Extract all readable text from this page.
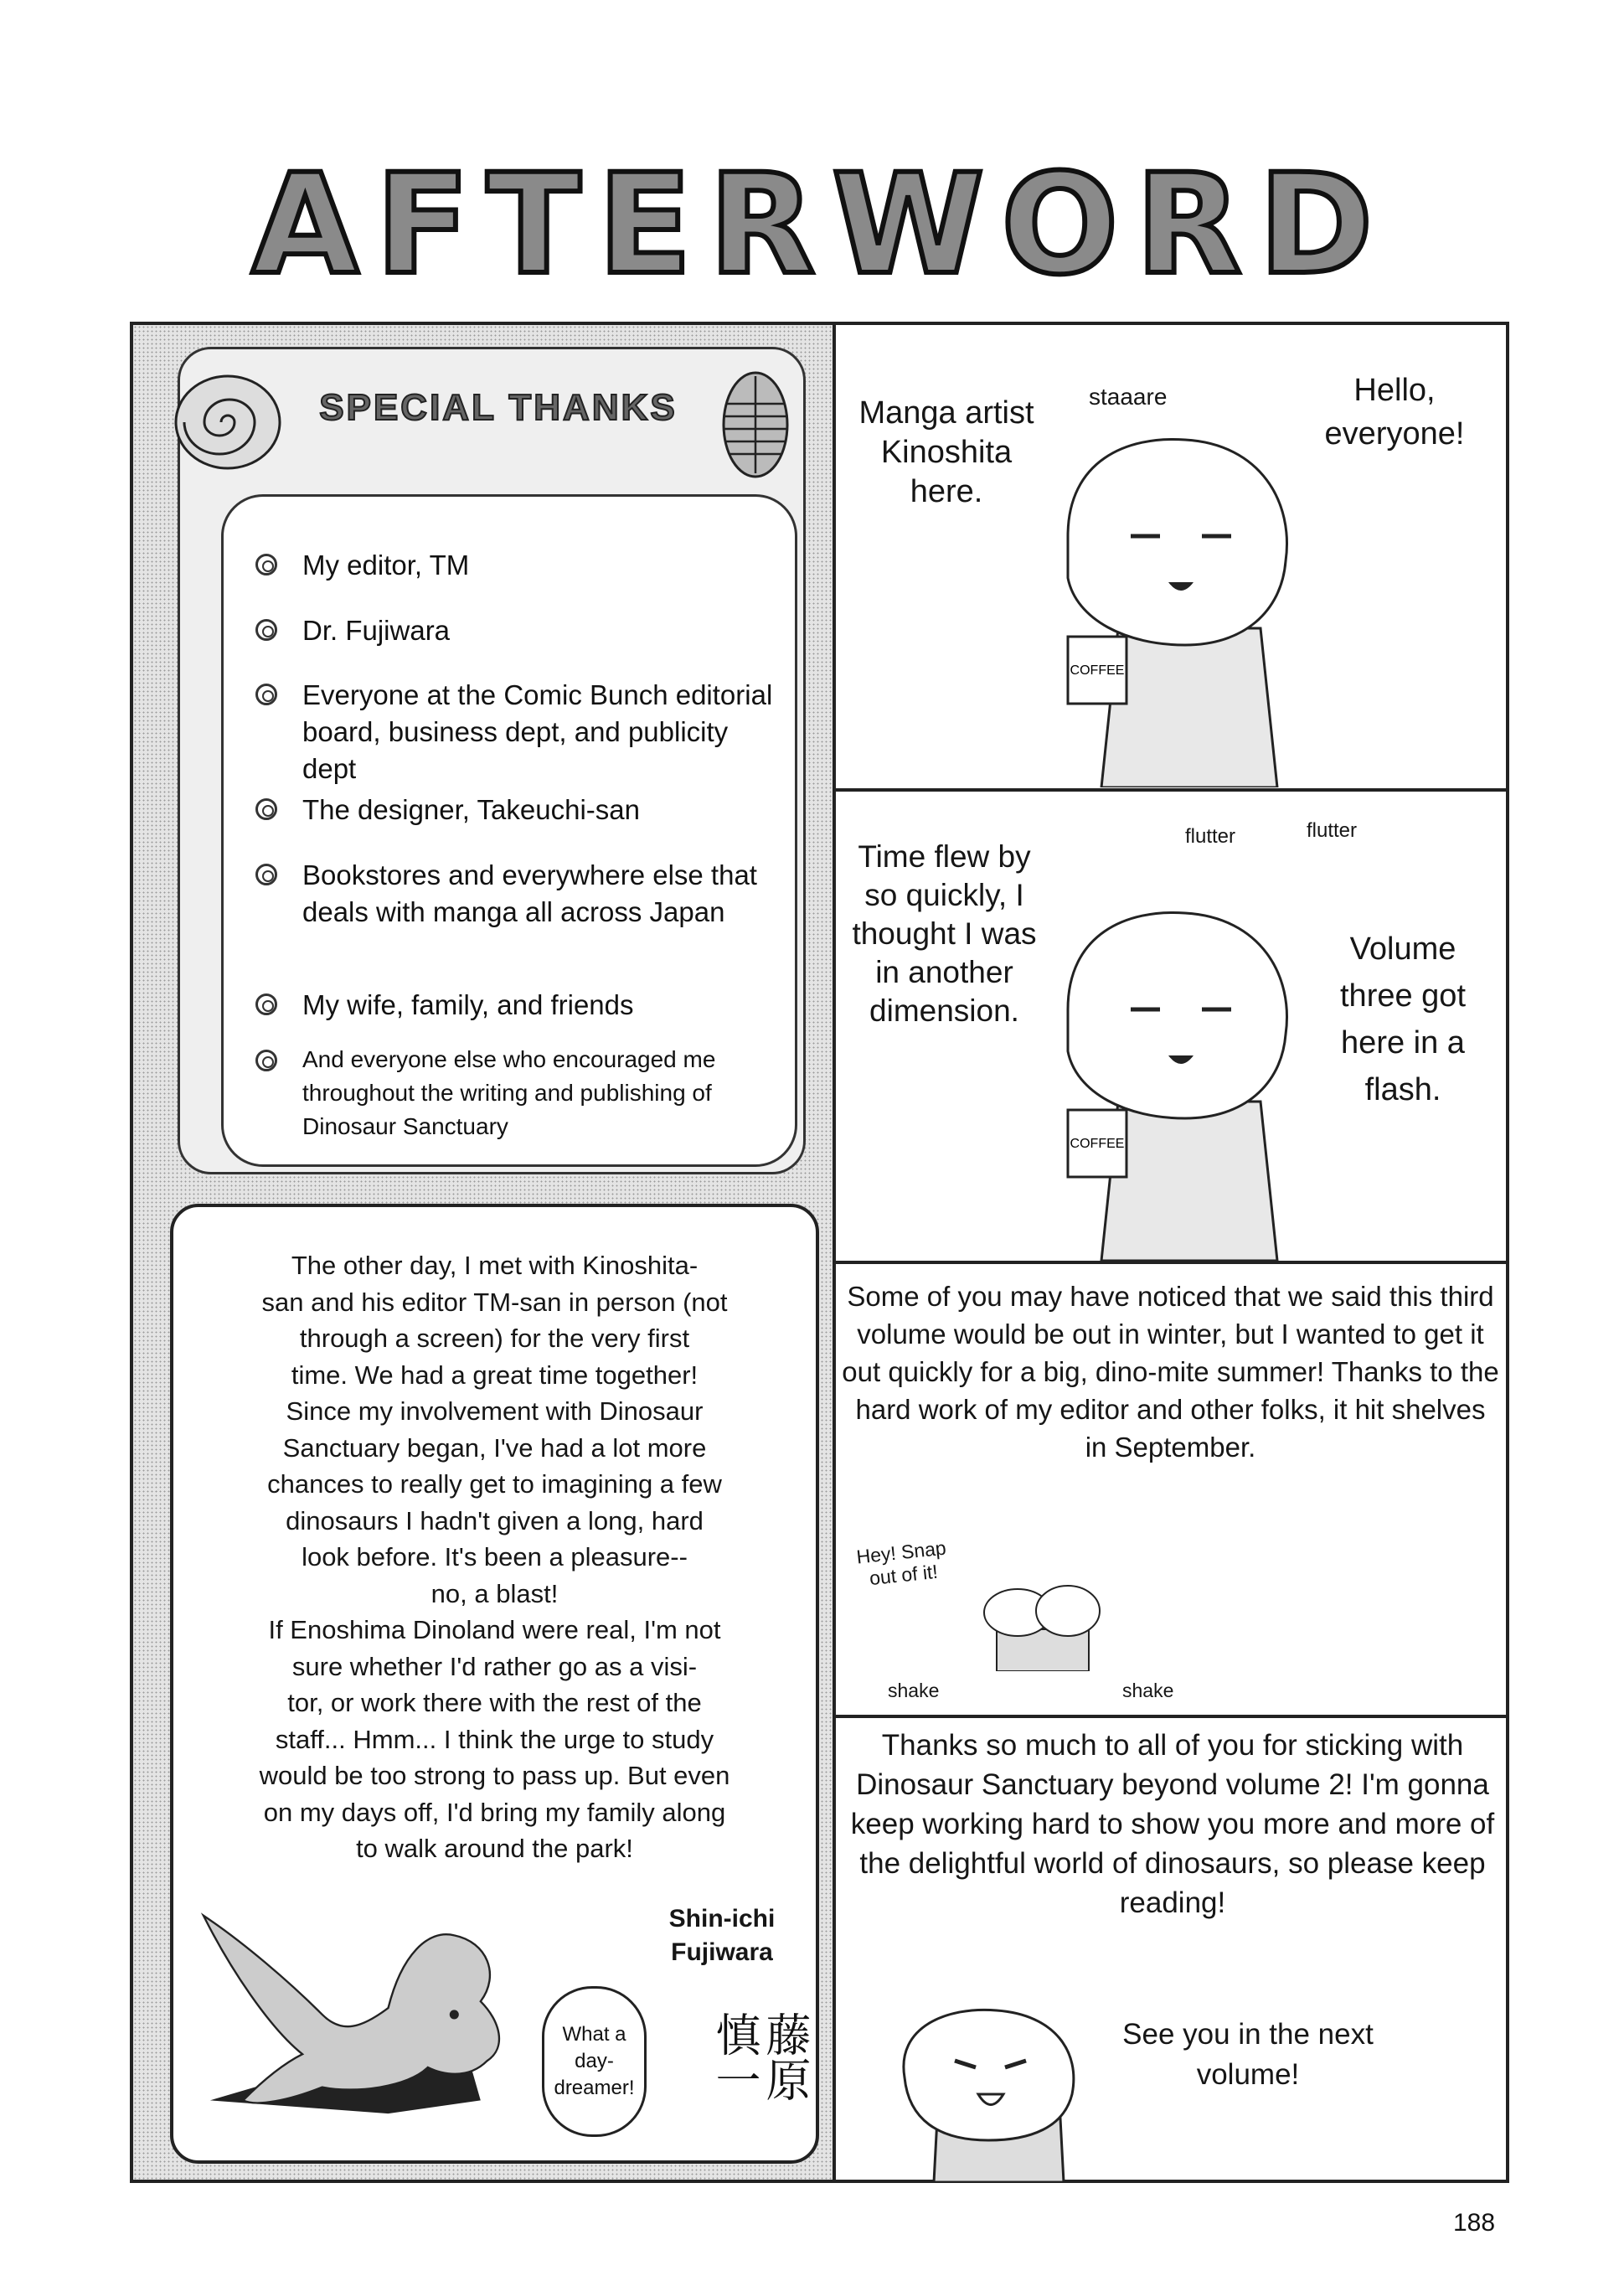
AFTERWORD
SPECIAL THANKS
My editor, TM
Dr. Fujiwara
Everyone at the Comic Bunch editorial board, business dept, and publicity dept
The designer, Takeuchi-san
Bookstores and everywhere else that deals with manga all across Japan
My wife, family, and friends
And everyone else who encouraged me throughout the writing and publishing of Dinosaur Sanctuary
The other day, I met with Kinoshita-
san and his editor TM-san in person (not
through a screen) for the very first
time. We had a great time together!
Since my involvement with Dinosaur
Sanctuary began, I've had a lot more
chances to really get to imagining a few
dinosaurs I hadn't given a long, hard
look before. It's been a pleasure--
no, a blast!
If Enoshima Dinoland were real, I'm not
sure whether I'd rather go as a visi-
tor, or work there with the rest of the
staff... Hmm... I think the urge to study
would be too strong to pass up. But even
on my days off, I'd bring my family along
to walk around the park!
Shin-ichi Fujiwara
What a day-dreamer!	藤原 慎一
Manga artist Kinoshita here.
staaare	Hello, everyone!
COFFEE
Time flew by so quickly, I thought I was in another dimension.
flutter	flutter
Volume three got here in a flash.
COFFEE
Some of you may have noticed that we said this third volume would be out in winter, but I wanted to get it out quickly for a big, dino-mite summer! Thanks to the hard work of my editor and other folks, it hit shelves in September.
Hey! Snap out of it!
shake	shake
Thanks so much to all of you for sticking with Dinosaur Sanctuary beyond volume 2! I'm gonna keep working hard to show you more and more of the delightful world of dinosaurs, so please keep reading!
See you in the next volume!
188
